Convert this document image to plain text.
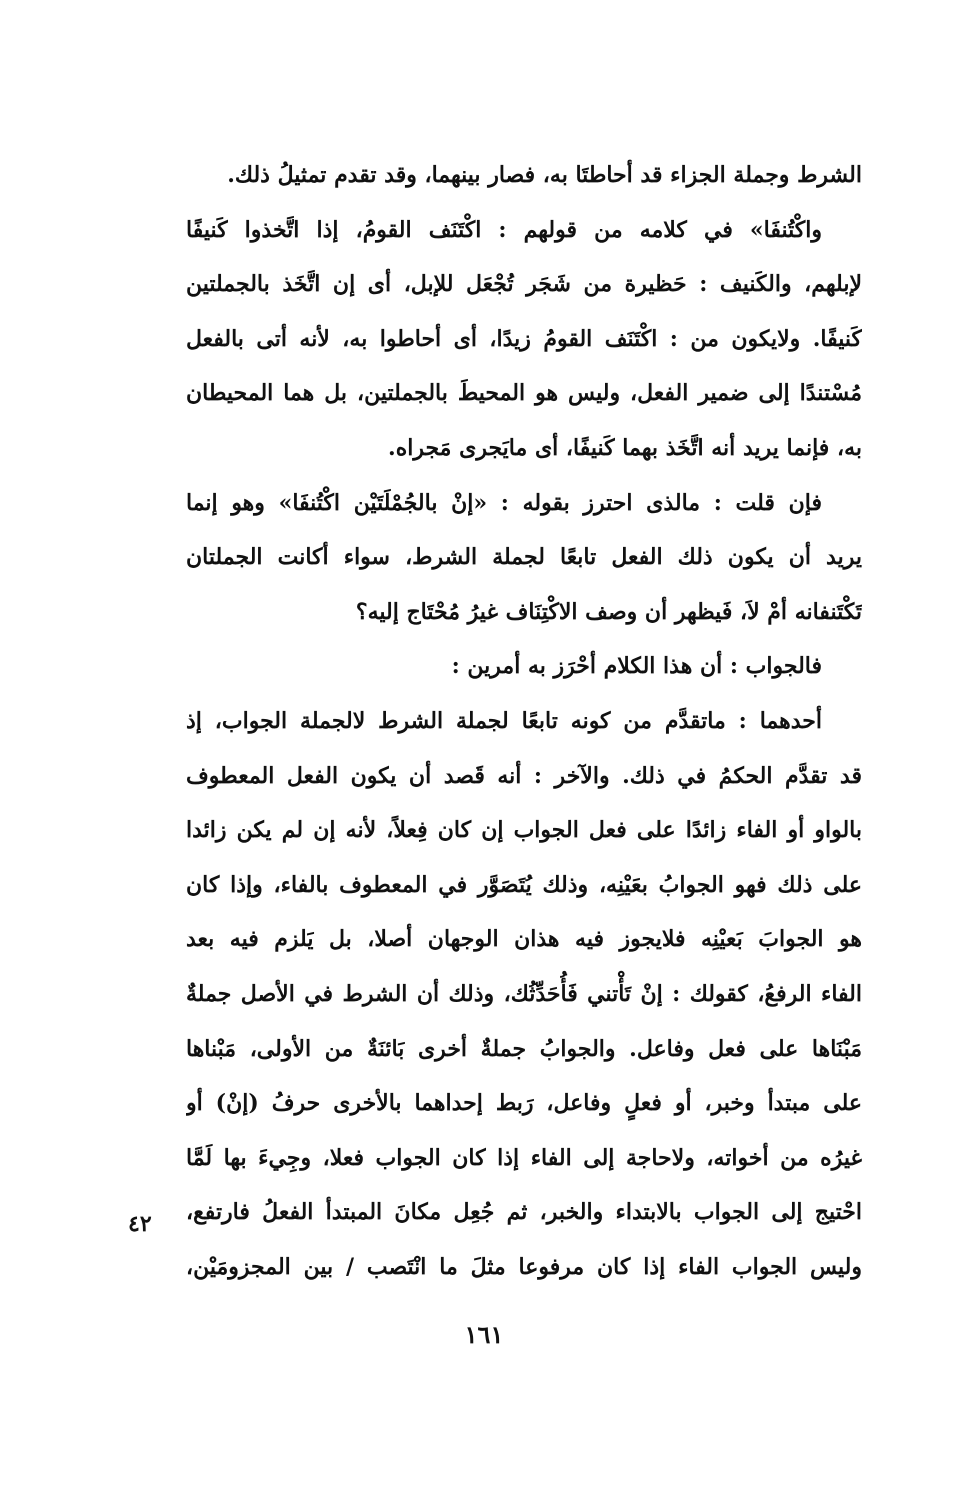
الشرط وجملة الجزاء قد أحاطتَا به، فصار بينهما، وقد تقدم تمثيلُ ذلك.
واكْتُنفَا» في كلامه من قولهم : اكْتَنَف القومُ، إذا اتَّخذوا كَنيفًا
لإبلهم، والكَنيف : حَظيرة من شَجَر تُجْعَل للإبل، أى إن اتَّخَذ بالجملتين
كَنيفًا. ولايكون من : اكْتَنَف القومُ زيدًا، أى أحاطوا به، لأنه أتى بالفعل
مُسْتندًا إلى ضمير الفعل، وليس هو المحيطَ بالجملتين، بل هما المحيطان
به، فإنما يريد أنه اتَّخَذ بهما كَنيفًا، أى مايَجرى مَجراه.
فإن قلت : مالذى احترز بقوله : «إنْ بالجُمْلَتَيْن اكْتُنفَا» وهو إنما
يريد أن يكون ذلك الفعل تابعًا لجملة الشرط، سواء أكانت الجملتان
تَكْتَنفانه أمْ لاَ، فَيظهر أن وصف الاكْتِنَاف غيرُ مُحْتَاج إليه؟
فالجواب : أن هذا الكلام أحْرَز به أمرين :
أحدهما : ماتقدَّم من كونه تابعًا لجملة الشرط لالجملة الجواب، إذ
قد تقدَّم الحكمُ في ذلك. والآخر : أنه قَصد أن يكون الفعل المعطوف
بالواو أو الفاء زائدًا على فعل الجواب إن كان فِعلاً، لأنه إن لم يكن زائدا
على ذلك فهو الجوابُ بعَيْنِه، وذلك يُتَصَوَّر في المعطوف بالفاء، وإذا كان
هو الجوابَ بَعيْنِه فلايجوز فيه هذان الوجهان أصلا، بل يَلزم فيه بعد
الفاء الرفعُ، كقولك : إنْ تَأْتني فَأُحَدِّثُك، وذلك أن الشرط في الأصل جملةٌ
مَبْنَاها على فعل وفاعل. والجوابُ جملةٌ أخرى بَائنَةٌ من الأولى، مَبْناها
على مبتدأ وخبر، أو فعلٍ وفاعل، رَبط إحداهما بالأخرى حرفُ (إنْ) أو
غيرُه من أخواته، ولاحاجة إلى الفاء إذا كان الجواب فعلا، وجِيءَ بها لَمَّا
احْتيج إلى الجواب بالابتداء والخبر، ثم جُعِل مكانَ المبتدأ الفعلُ فارتفع،
وليس الجواب الفاء إذا كان مرفوعا مثلَ ما انْتَصب / بين المجزومَيْن،
٤٢
١٦١
